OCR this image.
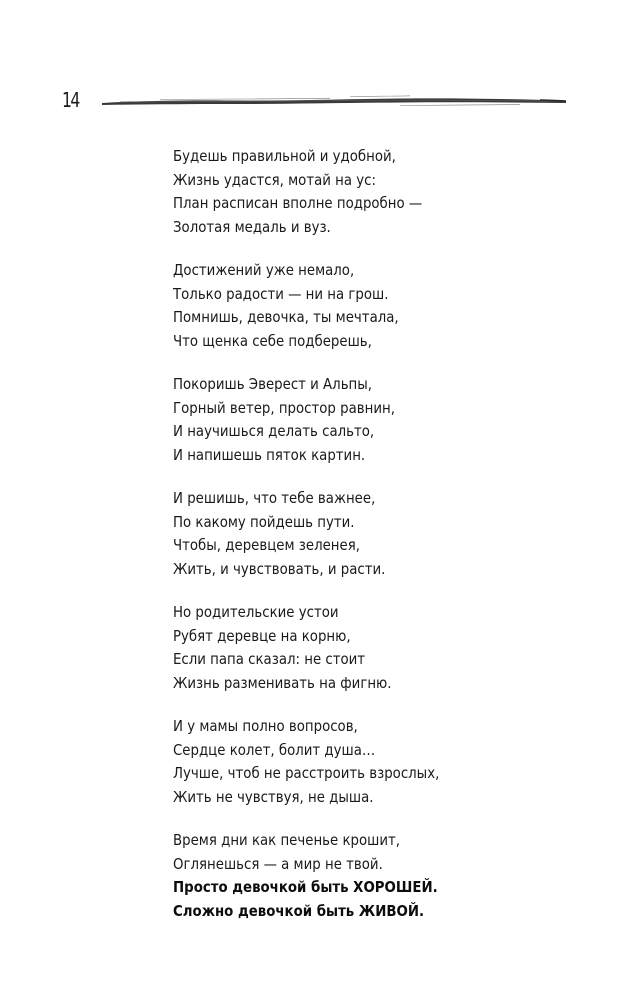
14
Будешь правильной и удобной,
Жизнь удастся, мотай на ус:
План расписан вполне подробно —
Золотая медаль и вуз.
Достижений уже немало,
Только радости — ни на грош.
Помнишь, девочка, ты мечтала,
Что щенка себе подберешь,
Покоришь Эверест и Альпы,
Горный ветер, простор равнин,
И научишься делать сальто,
И напишешь пяток картин.
И решишь, что тебе важнее,
По какому пойдешь пути.
Чтобы, деревцем зеленея,
Жить, и чувствовать, и расти.
Но родительские устои
Рубят деревце на корню,
Если папа сказал: не стоит
Жизнь разменивать на фигню.
И у мамы полно вопросов,
Сердце колет, болит душа…
Лучше, чтоб не расстроить взрослых,
Жить не чувствуя, не дыша.
Время дни как печенье крошит,
Оглянешься — а мир не твой.
Просто девочкой быть ХОРОШЕЙ.
Сложно девочкой быть ЖИВОЙ.
